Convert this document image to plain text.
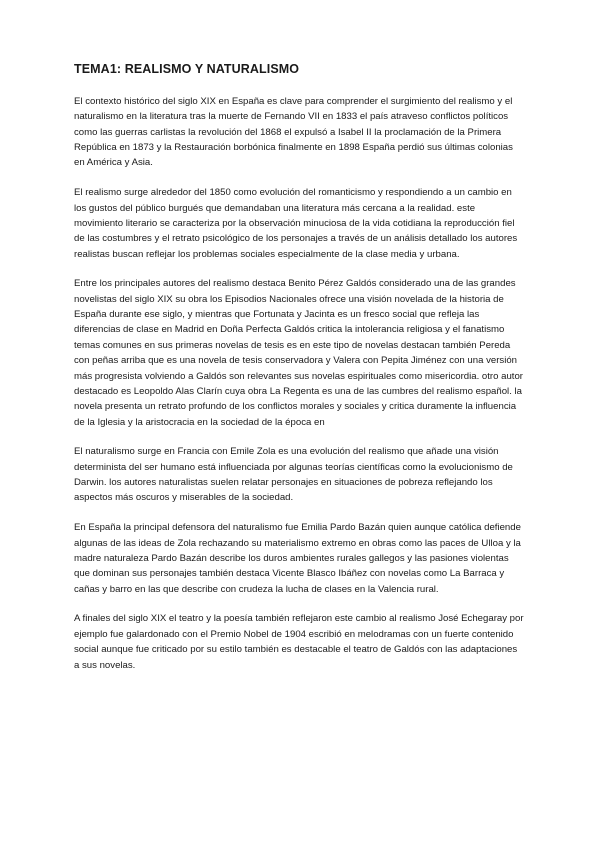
TEMA1: REALISMO Y NATURALISMO

El contexto histórico del siglo XIX en España es clave para comprender el surgimiento del realismo y el naturalismo en la literatura tras la muerte de Fernando VII en 1833 el país atraveso conflictos políticos como las guerras carlistas la revolución del 1868 el expulsó a Isabel II la proclamación de la Primera República en 1873 y la Restauración borbónica finalmente en 1898 España perdió sus últimas colonias en América y Asia.

El realismo surge alrededor del 1850 como evolución del romanticismo y respondiendo a un cambio en los gustos del público burgués que demandaban una literatura más cercana a la realidad. este movimiento literario se caracteriza por la observación minuciosa de la vida cotidiana la reproducción fiel de las costumbres y el retrato psicológico de los personajes a través de un análisis detallado los autores realistas buscan reflejar los problemas sociales especialmente de la clase media y urbana.

Entre los principales autores del realismo destaca Benito Pérez Galdós considerado una de las grandes novelistas del siglo XIX su obra los Episodios Nacionales ofrece una visión novelada de la historia de España durante ese siglo, y mientras que Fortunata y Jacinta es un fresco social que refleja las diferencias de clase en Madrid en Doña Perfecta Galdós critica la intolerancia religiosa y el fanatismo temas comunes en sus primeras novelas de tesis es en este tipo de novelas destacan también Pereda con peñas arriba que es una novela de tesis conservadora y Valera con Pepita Jiménez con una versión más progresista volviendo a Galdós son relevantes sus novelas espirituales como misericordia. otro autor destacado es Leopoldo Alas Clarín cuya obra La Regenta es una de las cumbres del realismo español. la novela presenta un retrato profundo de los conflictos morales y sociales y critica duramente la influencia de la Iglesia y la aristocracia en la sociedad de la época en

El naturalismo surge en Francia con Emile Zola es una evolución del realismo que añade una visión determinista del ser humano está influenciada por algunas teorías científicas como la evolucionismo de Darwin. los autores naturalistas suelen relatar personajes en situaciones de pobreza reflejando los aspectos más oscuros y miserables de la sociedad.

En España la principal defensora del naturalismo fue Emilia Pardo Bazán quien aunque católica defiende algunas de las ideas de Zola rechazando su materialismo extremo en obras como las paces de Ulloa y la madre naturaleza Pardo Bazán describe los duros ambientes rurales gallegos y las pasiones violentas que dominan sus personajes también destaca Vicente Blasco Ibáñez con novelas como La Barraca y cañas y barro en las que describe con crudeza la lucha de clases en la Valencia rural.

A finales del siglo XIX el teatro y la poesía también reflejaron este cambio al realismo José Echegaray por ejemplo fue galardonado con el Premio Nobel de 1904 escribió en melodramas con un fuerte contenido social aunque fue criticado por su estilo también es destacable el teatro de Galdós con las adaptaciones a sus novelas.
